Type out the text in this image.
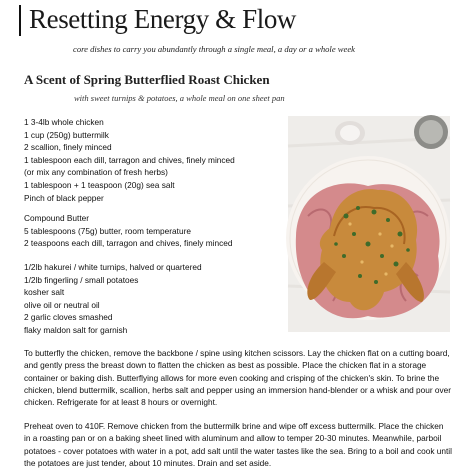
Resetting Energy & Flow
core dishes to carry you abundantly through a single meal, a day or a whole week
A Scent of Spring Butterflied Roast Chicken
with sweet turnips & potatoes, a whole meal on one sheet pan
1 3-4lb whole chicken
1 cup (250g) buttermilk
2 scallion, finely minced
1 tablespoon each dill, tarragon and chives, finely minced
(or mix any combination of fresh herbs)
1 tablespoon + 1 teaspoon (20g) sea salt
Pinch of black pepper
Compound Butter
5 tablespoons (75g) butter, room temperature
2 teaspoons each dill, tarragon and chives, finely minced
1/2lb hakurei / white turnips, halved or quartered
1/2lb fingerling / small potatoes
kosher salt
olive oil or neutral oil
2 garlic cloves smashed
flaky maldon salt for garnish

To butterfly the chicken, remove the backbone / spine using kitchen scissors. Lay the chicken flat on a cutting board, and gently press the breast down to flatten the chicken as best as possible. Place the chicken flat in a storage container or baking dish. Butterflying allows for more even cooking and crisping of the chicken's skin. To brine the chicken, blend buttermilk, scallion, herbs salt and pepper using an immersion hand-blender or a whisk and pour over chicken. Refrigerate for at least 8 hours or overnight.

Preheat oven to 410F. Remove chicken from the buttermilk brine and wipe off excess buttermilk. Place the chicken in a roasting pan or on a baking sheet lined with aluminum and allow to temper 20-30 minutes. Meanwhile, parboil potatoes - cover potatoes with water in a pot, add salt until the water tastes like the sea. Bring to a boil and cook until the potatoes are just tender, about 10 minutes. Drain and set aside.
